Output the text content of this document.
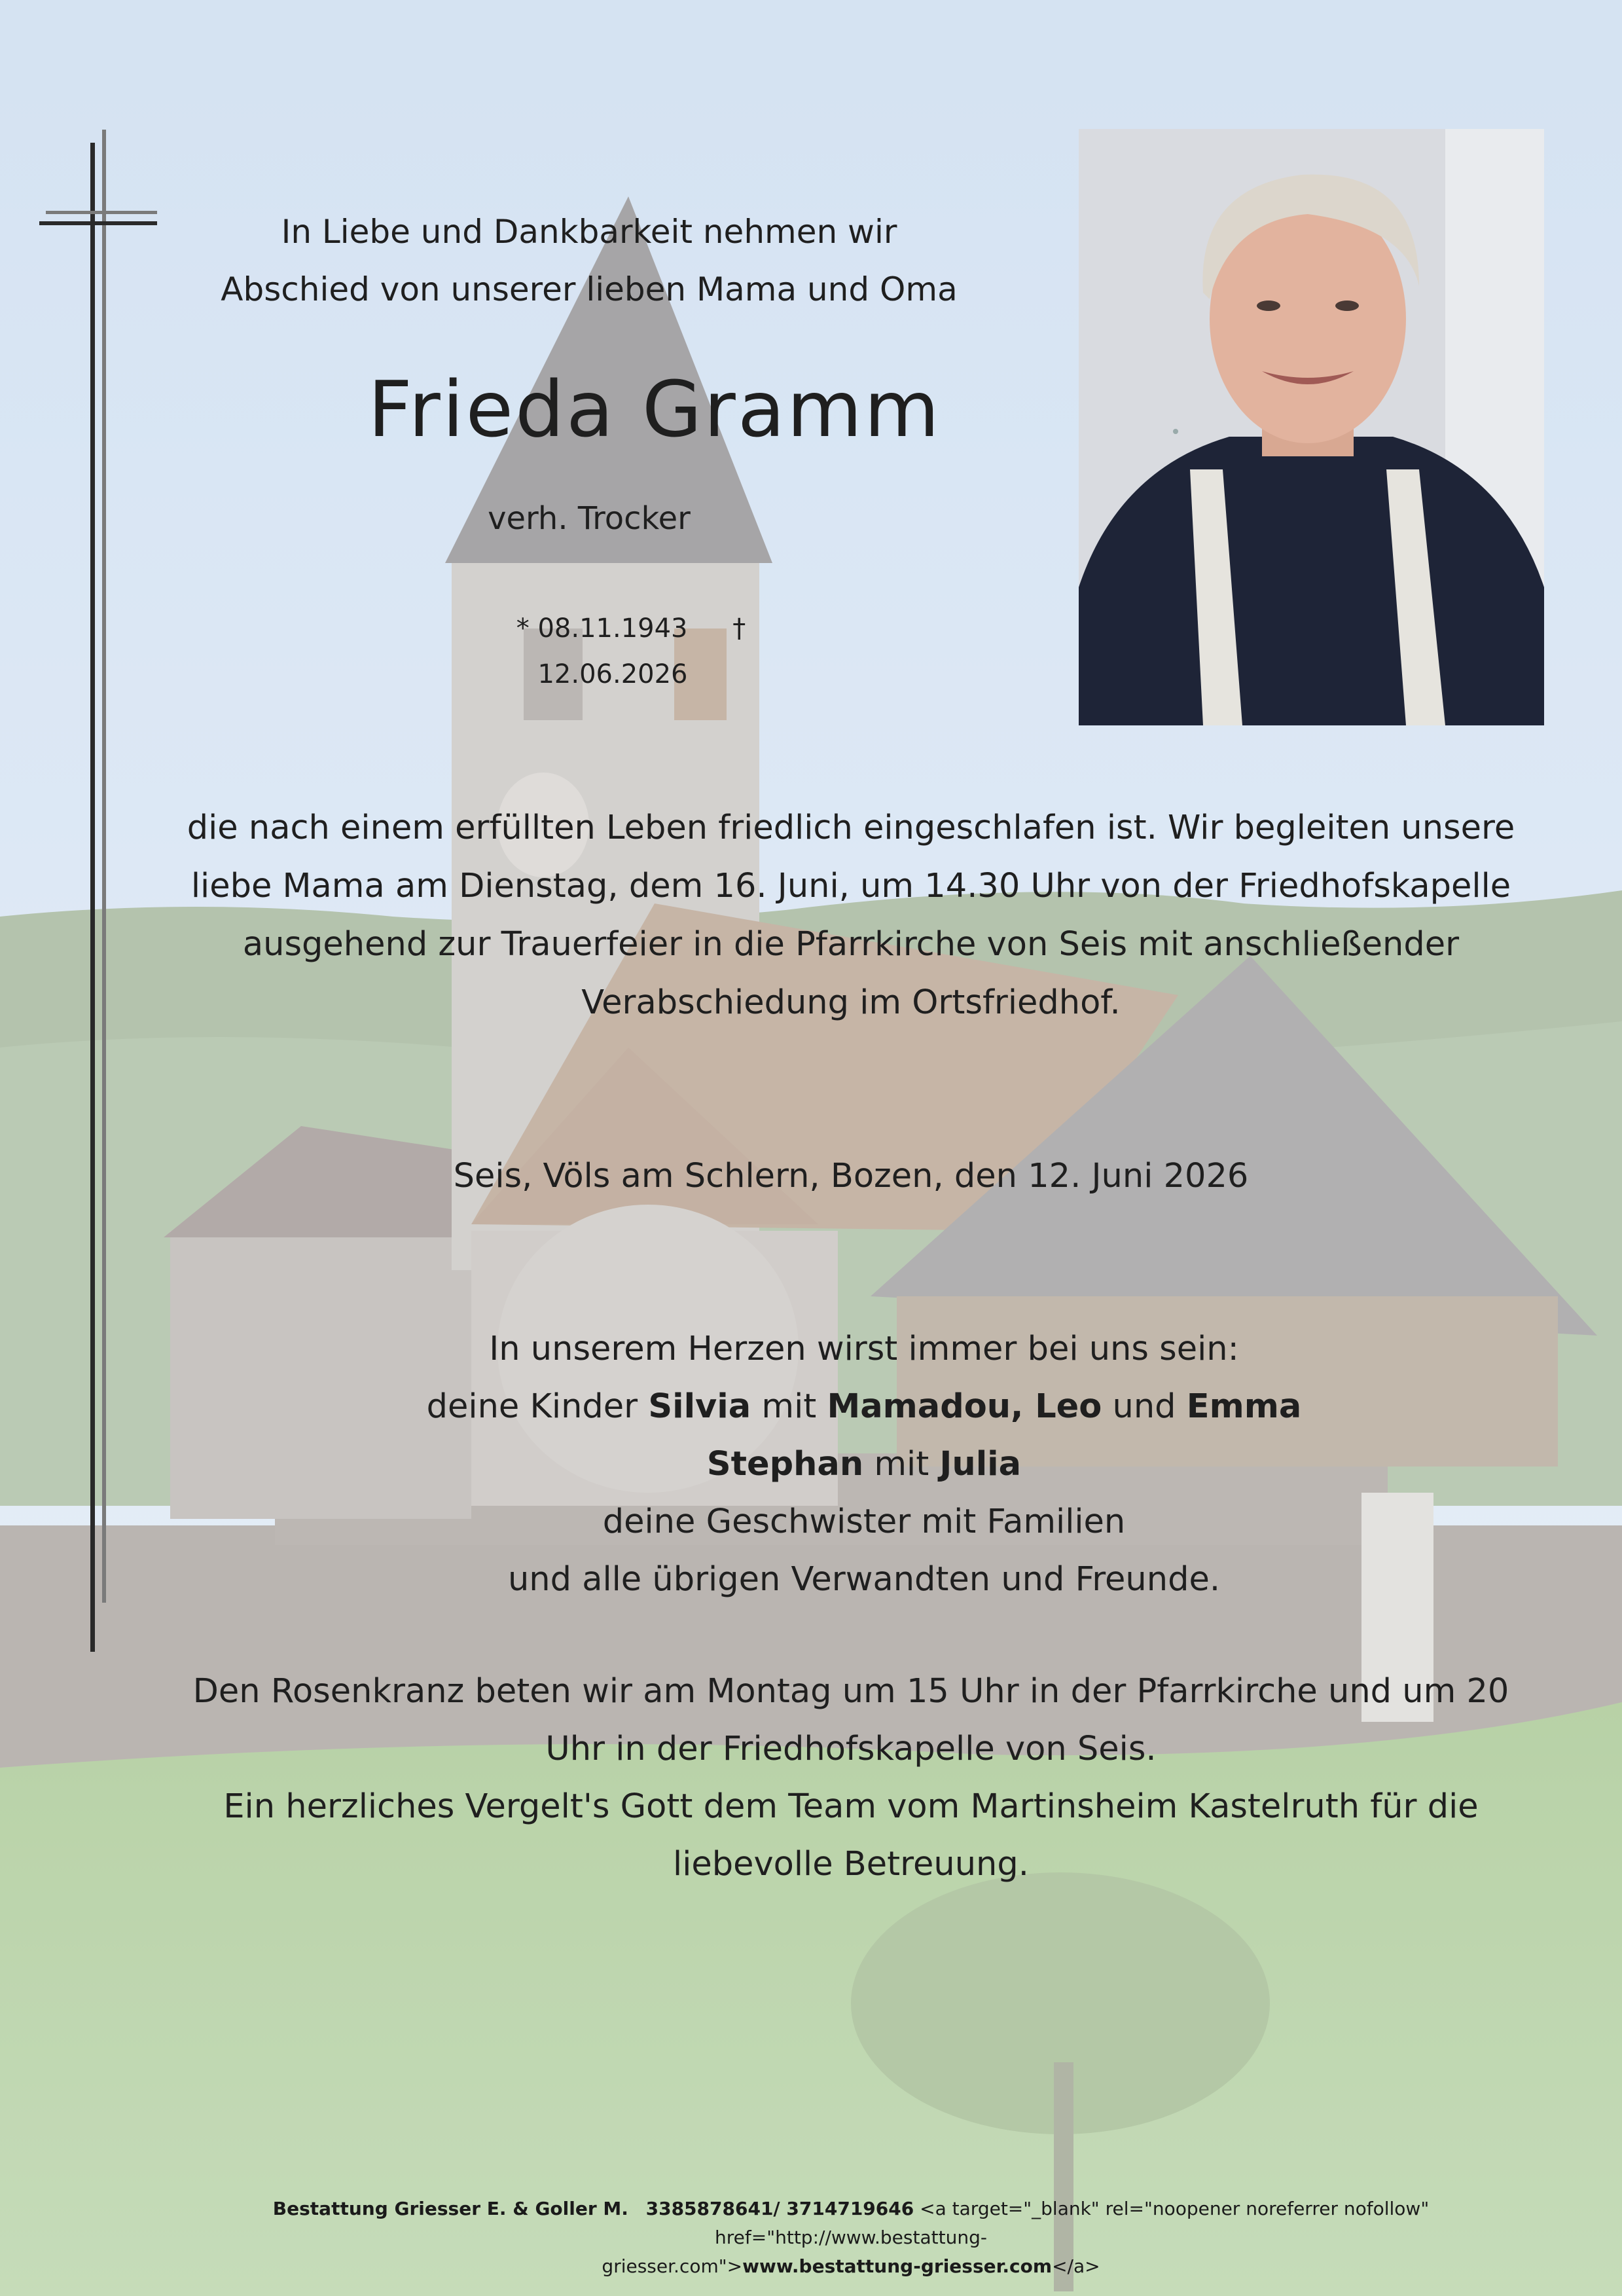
In Liebe und Dankbarkeit nehmen wir
Abschied von unserer lieben Mama und Oma
Frieda Gramm
verh. Trocker
* 08.11.1943 † 12.06.2026
die nach einem erfüllten Leben friedlich eingeschlafen ist. Wir begleiten unsere
liebe Mama am Dienstag, dem 16. Juni, um 14.30 Uhr von der Friedhofskapelle
ausgehend zur Trauerfeier in die Pfarrkirche von Seis mit anschließender
Verabschiedung im Ortsfriedhof.
Seis, Völs am Schlern, Bozen, den 12. Juni 2026
In unserem Herzen wirst immer bei uns sein:
deine Kinder Silvia mit Mamadou, Leo und Emma
Stephan mit Julia
deine Geschwister mit Familien
und alle übrigen Verwandten und Freunde.
Den Rosenkranz beten wir am Montag um 15 Uhr in der Pfarrkirche und um 20
Uhr in der Friedhofskapelle von Seis.
Ein herzliches Vergelt's Gott dem Team vom Martinsheim Kastelruth für die
liebevolle Betreuung.
Bestattung Griesser E. & Goller M. 3385878641/ 3714719646 <a target="_blank" rel="noopener noreferrer nofollow" href="http://www.bestattung-
griesser.com">www.bestattung-griesser.com</a>
